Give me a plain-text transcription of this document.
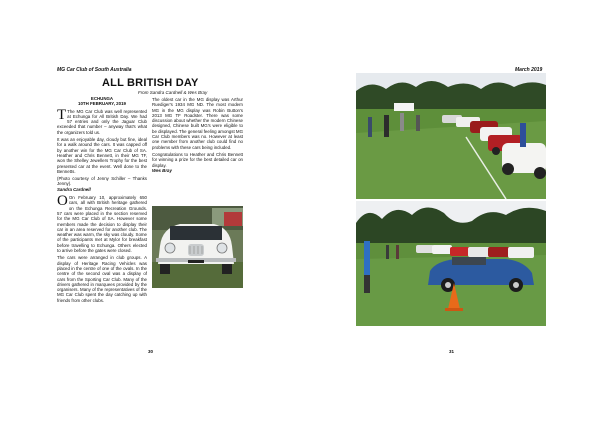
MG Car Club of South Australia
ALL BRITISH DAY
From Sandra Cardnell & Wes Bray
ECHUNGA
10TH FEBRUARY, 2019

T The MG Car Club was well represented at Echunga for All British Day. We had 57 entries and only the Jaguar Club exceeded that number – anyway that's what the organizers told us.

It was an enjoyable day, cloudy but fine, ideal for a walk around the cars. It was capped off by another win for the MG Car Club of SA. Heather and Chris Bennett, in their MG TF, won the Shelley Jewellers Trophy for the best presented car at the event. Well done to the Bennetts.

(Photo courtesy of Jenny Schiller – Thanks Jenny).

Sandra Cardnell

O On February 10, approximately 650 cars, all with British heritage gathered on the Echunga Recreation Grounds. 57 cars were placed in the section reserved for the MG Car Club of SA. However some members made the decision to display their car in an area reserved for another club. The weather was warm, the sky was cloudy. Some of the participants met at Mylor for breakfast before travelling to Echunga. Others elected to arrive before the gates were closed.

The cars were arranged in club groups. A display of Heritage Racing Vehicles was placed in the centre of one of the ovals. In the centre of the second oval was a display of cars from the Sporting Car Club. Many of the drivers gathered in marquees provided by the organisers. Many of the representatives of the MG Car Club spent the day catching up with friends from other clubs.

The oldest car in the MG display was Arthur Ruediger's 1934 MG ND. The most modern MG in the MG display was Robin Button's 2013 MG TF Roadster. There was some discussion about whether the modern Chinese designed, Chinese built MG's were eligible to be displayed. The general feeling amongst MG Car Club members was no. However at least one member from another club could find no problems with these cars being included.

Congratulations to Heather and Chris Bennett for winning a prize for the best detailed car on display.

Wes Bray

30
March 2019
31
